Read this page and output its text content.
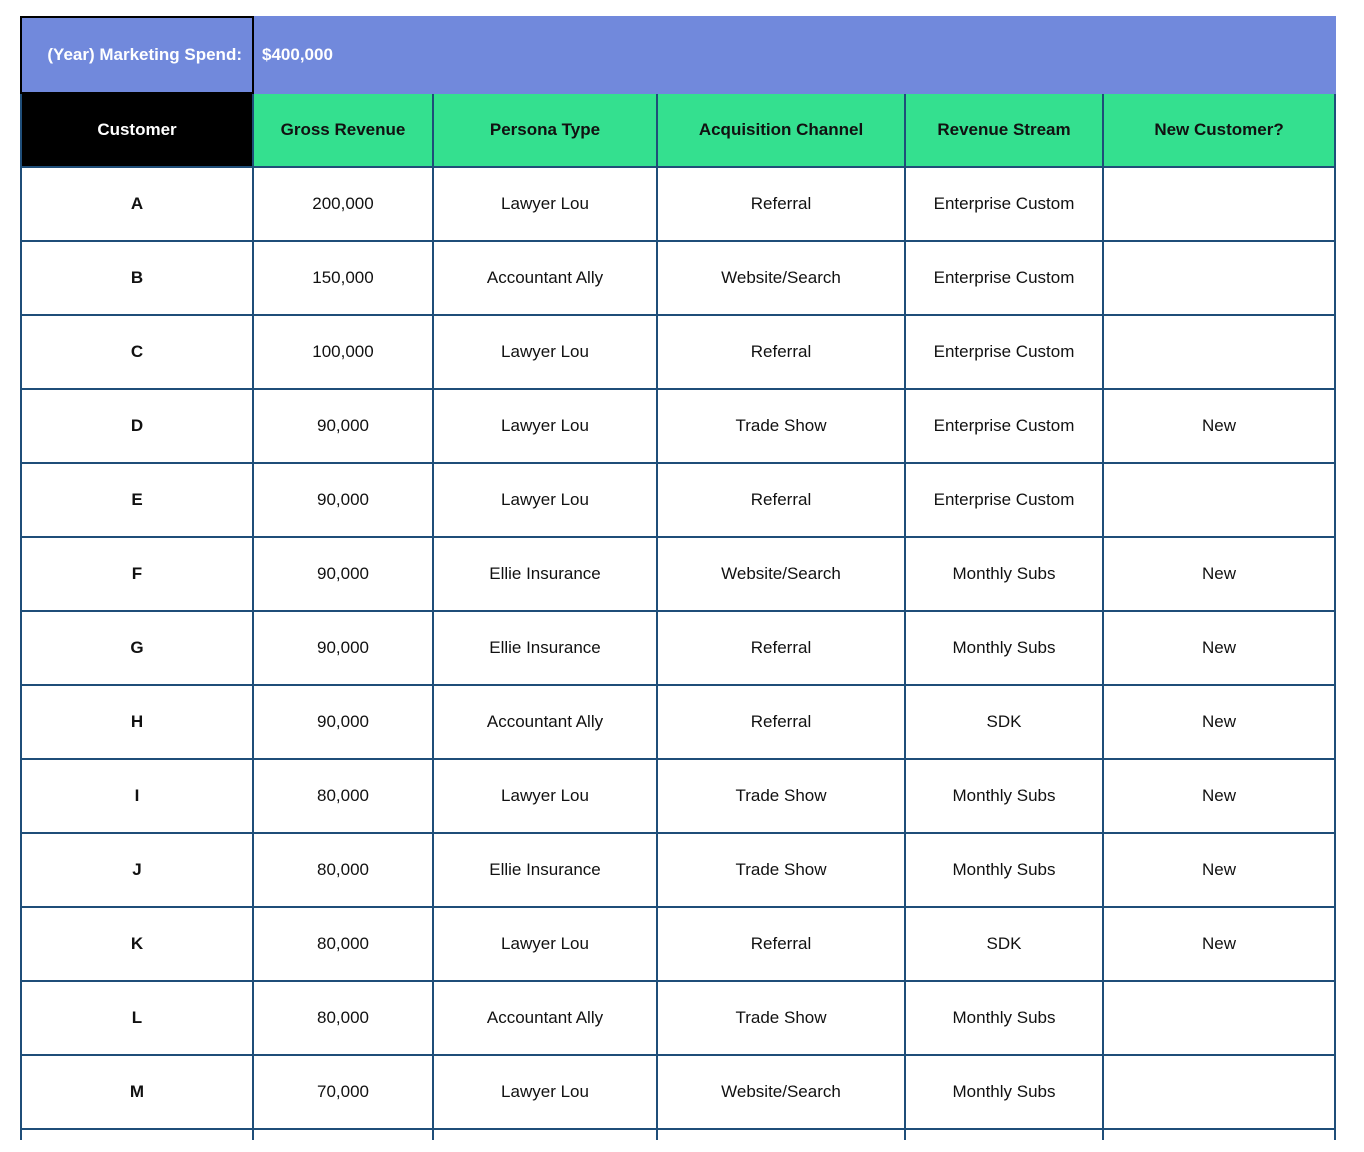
(Year) Marketing Spend:	$400,000				
Customer	Gross Revenue	Persona Type	Acquisition Channel	Revenue Stream	New Customer?
A	200,000	Lawyer Lou	Referral	Enterprise Custom	
B	150,000	Accountant Ally	Website/Search	Enterprise Custom	
C	100,000	Lawyer Lou	Referral	Enterprise Custom	
D	90,000	Lawyer Lou	Trade Show	Enterprise Custom	New
E	90,000	Lawyer Lou	Referral	Enterprise Custom	
F	90,000	Ellie Insurance	Website/Search	Monthly Subs	New
G	90,000	Ellie Insurance	Referral	Monthly Subs	New
H	90,000	Accountant Ally	Referral	SDK	New
I	80,000	Lawyer Lou	Trade Show	Monthly Subs	New
J	80,000	Ellie Insurance	Trade Show	Monthly Subs	New
K	80,000	Lawyer Lou	Referral	SDK	New
L	80,000	Accountant Ally	Trade Show	Monthly Subs	
M	70,000	Lawyer Lou	Website/Search	Monthly Subs	
